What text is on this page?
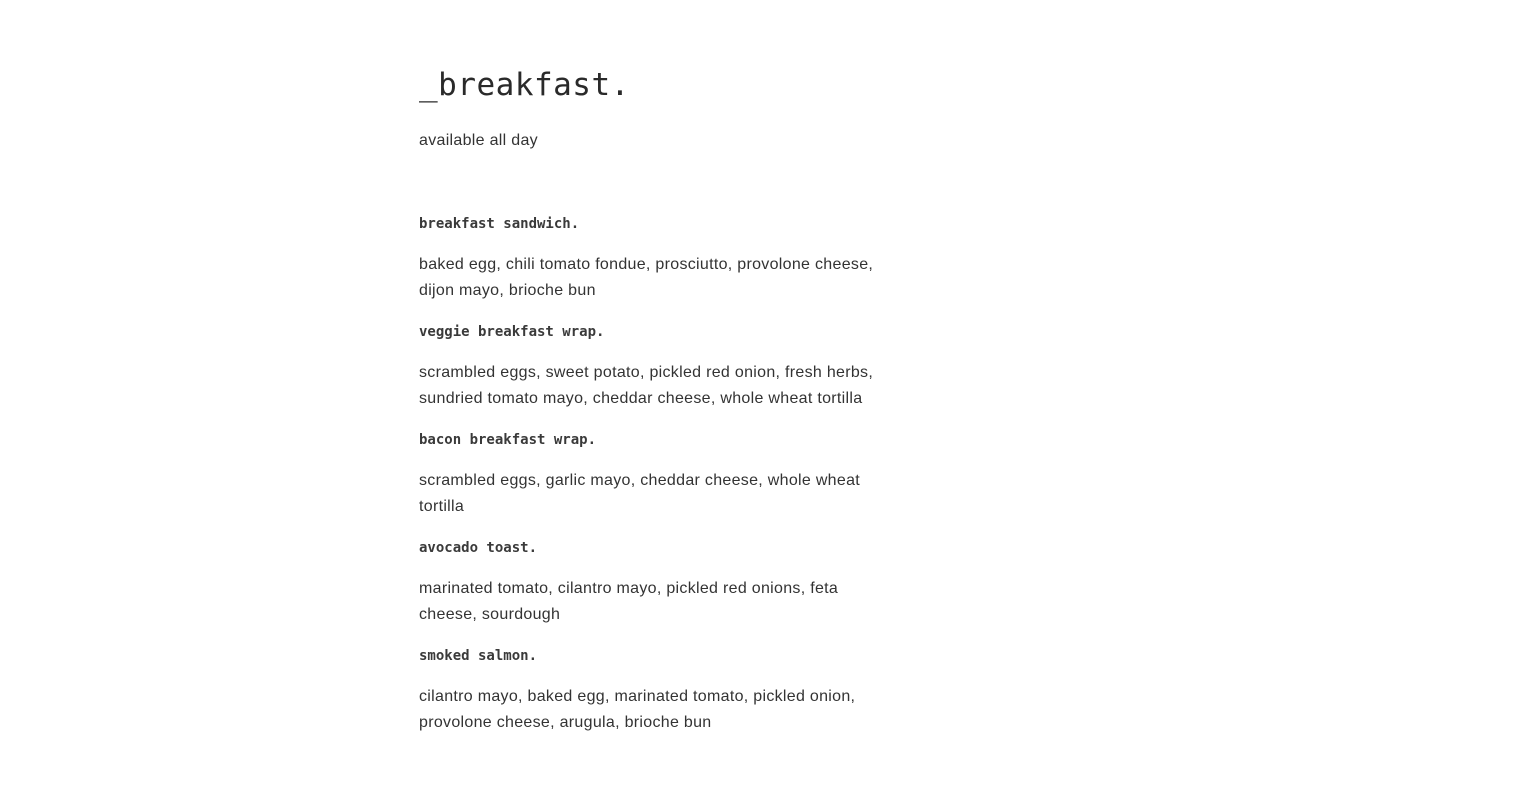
_breakfast.

available all day

breakfast sandwich.

baked egg, chili tomato fondue, prosciutto, provolone cheese, dijon mayo, brioche bun

veggie breakfast wrap.

scrambled eggs, sweet potato, pickled red onion, fresh herbs, sundried tomato mayo, cheddar cheese, whole wheat tortilla

bacon breakfast wrap.

scrambled eggs, garlic mayo, cheddar cheese, whole wheat tortilla

avocado toast.

marinated tomato, cilantro mayo, pickled red onions, feta cheese, sourdough

smoked salmon.

cilantro mayo, baked egg, marinated tomato, pickled onion, provolone cheese, arugula, brioche bun
